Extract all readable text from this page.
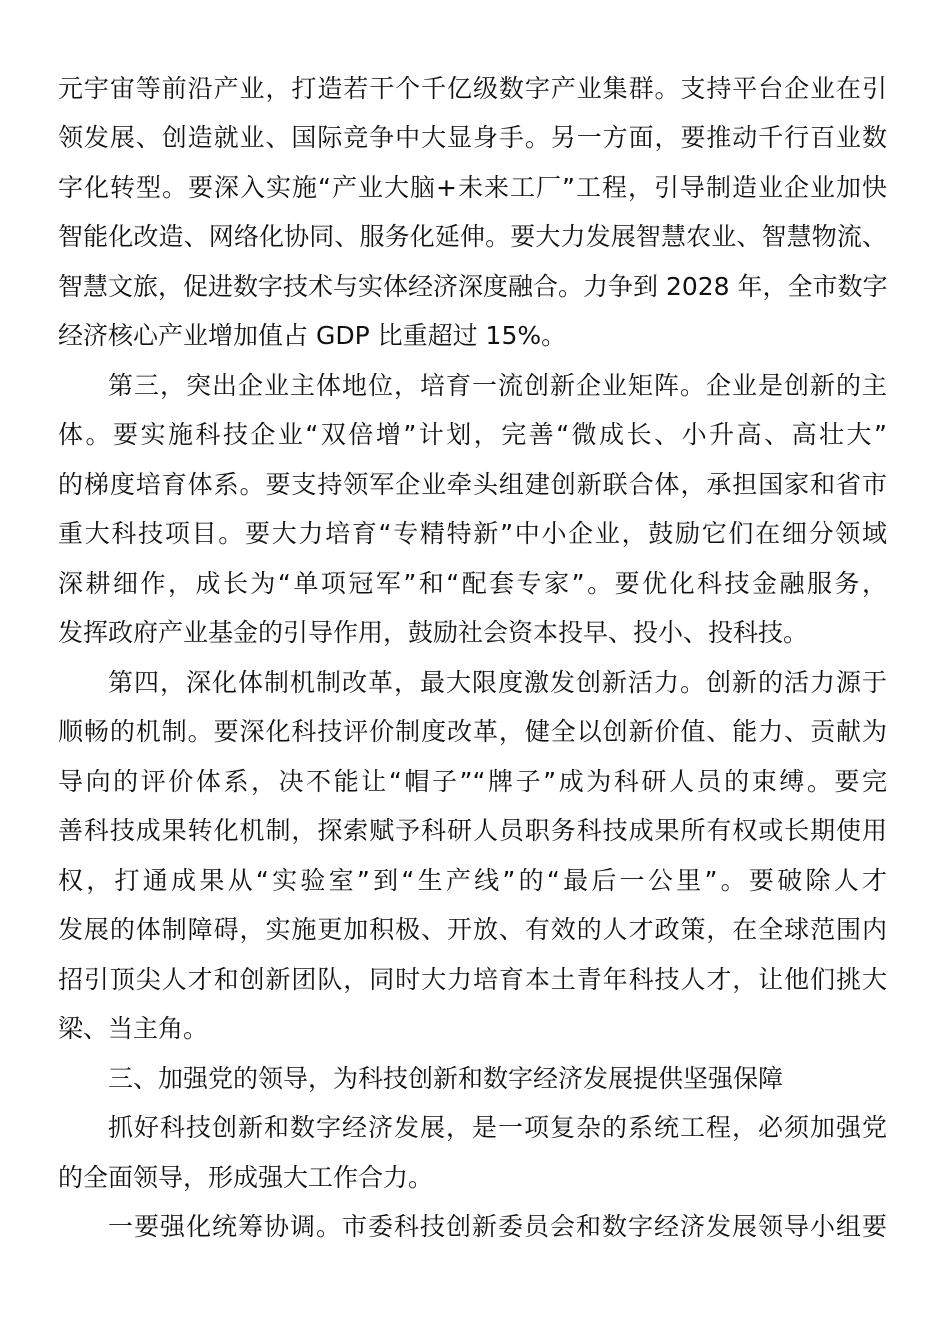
元宇宙等前沿产业，打造若干个千亿级数字产业集群。支持平台企业在引
领发展、创造就业、国际竞争中大显身手。另一方面，要推动千行百业数
字化转型。要深入实施“产业大脑+未来工厂”工程，引导制造业企业加快
智能化改造、网络化协同、服务化延伸。要大力发展智慧农业、智慧物流、
智慧文旅，促进数字技术与实体经济深度融合。力争到 2028 年，全市数字
经济核心产业增加值占 GDP 比重超过 15%。
第三，突出企业主体地位，培育一流创新企业矩阵。企业是创新的主
体。要实施科技企业“双倍增”计划，完善“微成长、小升高、高壮大”
的梯度培育体系。要支持领军企业牵头组建创新联合体，承担国家和省市
重大科技项目。要大力培育“专精特新”中小企业，鼓励它们在细分领域
深耕细作，成长为“单项冠军”和“配套专家”。要优化科技金融服务，
发挥政府产业基金的引导作用，鼓励社会资本投早、投小、投科技。
第四，深化体制机制改革，最大限度激发创新活力。创新的活力源于
顺畅的机制。要深化科技评价制度改革，健全以创新价值、能力、贡献为
导向的评价体系，决不能让“帽子”“牌子”成为科研人员的束缚。要完
善科技成果转化机制，探索赋予科研人员职务科技成果所有权或长期使用
权，打通成果从“实验室”到“生产线”的“最后一公里”。要破除人才
发展的体制障碍，实施更加积极、开放、有效的人才政策，在全球范围内
招引顶尖人才和创新团队，同时大力培育本土青年科技人才，让他们挑大
梁、当主角。
三、加强党的领导，为科技创新和数字经济发展提供坚强保障
抓好科技创新和数字经济发展，是一项复杂的系统工程，必须加强党
的全面领导，形成强大工作合力。
一要强化统筹协调。市委科技创新委员会和数字经济发展领导小组要
